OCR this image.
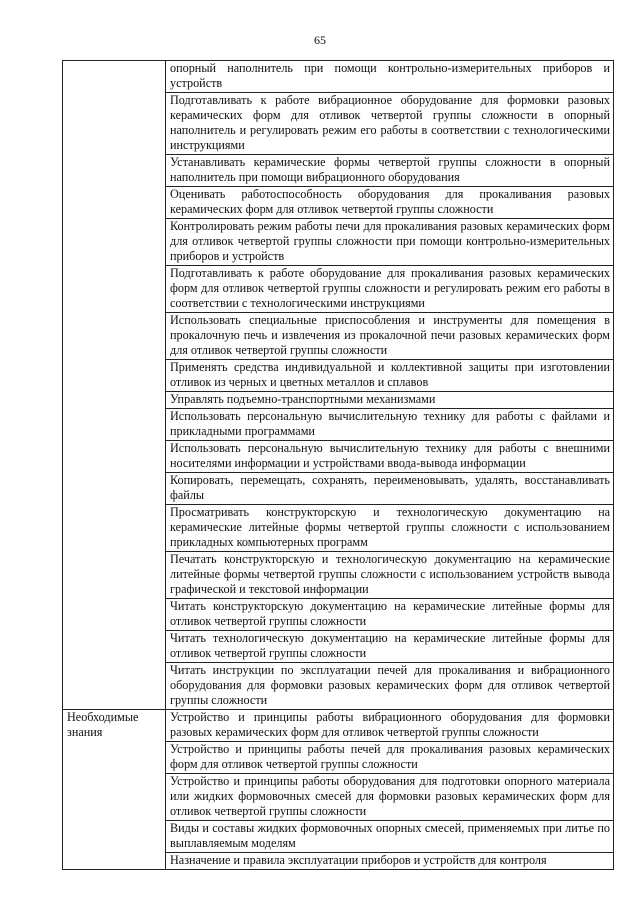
65
	опорный наполнитель при помощи контрольно-измерительных приборов и устройств
	Подготавливать к работе вибрационное оборудование для формовки разовых керамических форм для отливок четвертой группы сложности в опорный наполнитель и регулировать режим его работы в соответствии с технологическими инструкциями
	Устанавливать керамические формы четвертой группы сложности в опорный наполнитель при помощи вибрационного оборудования
	Оценивать работоспособность оборудования для прокаливания разовых керамических форм для отливок четвертой группы сложности
	Контролировать режим работы печи для прокаливания разовых керамических форм для отливок четвертой группы сложности при помощи контрольно-измерительных приборов и устройств
	Подготавливать к работе оборудование для прокаливания разовых керамических форм для отливок четвертой группы сложности и регулировать режим его работы в соответствии с технологическими инструкциями
	Использовать специальные приспособления и инструменты для помещения в прокалочную печь и извлечения из прокалочной печи разовых керамических форм для отливок четвертой группы сложности
	Применять средства индивидуальной и коллективной защиты при изготовлении отливок из черных и цветных металлов и сплавов
	Управлять подъемно-транспортными механизмами
	Использовать персональную вычислительную технику для работы с файлами и прикладными программами
	Использовать персональную вычислительную технику для работы с внешними носителями информации и устройствами ввода-вывода информации
	Копировать, перемещать, сохранять, переименовывать, удалять, восстанавливать файлы
	Просматривать конструкторскую и технологическую документацию на керамические литейные формы четвертой группы сложности с использованием прикладных компьютерных программ
	Печатать конструкторскую и технологическую документацию на керамические литейные формы четвертой группы сложности с использованием устройств вывода графической и текстовой информации
	Читать конструкторскую документацию на керамические литейные формы для отливок четвертой группы сложности
	Читать технологическую документацию на керамические литейные формы для отливок четвертой группы сложности
	Читать инструкции по эксплуатации печей для прокаливания и вибрационного оборудования для формовки разовых керамических форм для отливок четвертой группы сложности
Необходимые знания	Устройство и принципы работы вибрационного оборудования для формовки разовых керамических форм для отливок четвертой группы сложности
	Устройство и принципы работы печей для прокаливания разовых керамических форм для отливок четвертой группы сложности
	Устройство и принципы работы оборудования для подготовки опорного материала или жидких формовочных смесей для формовки разовых керамических форм для отливок четвертой группы сложности
	Виды и составы жидких формовочных опорных смесей, применяемых при литье по выплавляемым моделям
	Назначение и правила эксплуатации приборов и устройств для контроля
